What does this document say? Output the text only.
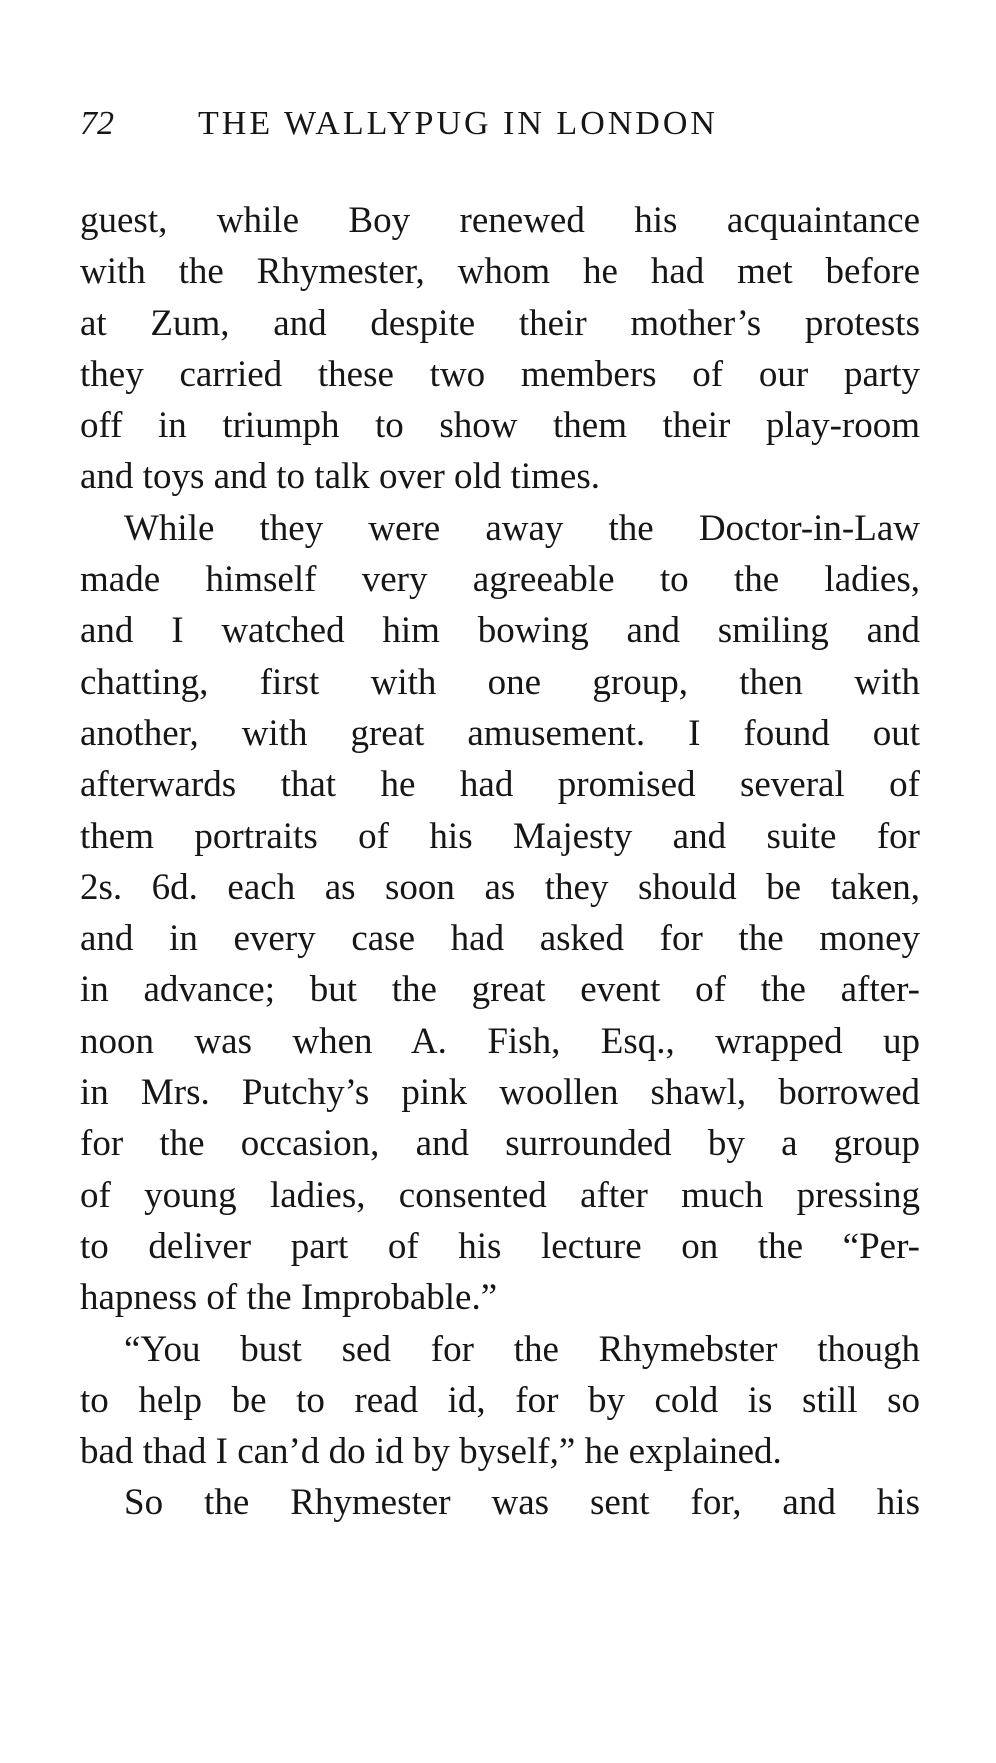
72	THE WALLYPUG IN LONDON

guest, while Boy renewed his acquaintance
with the Rhymester, whom he had met before
at Zum, and despite their mother’s protests
they carried these two members of our party
off in triumph to show them their play-room
and toys and to talk over old times.

While they were away the Doctor-in-Law
made himself very agreeable to the ladies,
and I watched him bowing and smiling and
chatting, first with one group, then with
another, with great amusement. I found out
afterwards that he had promised several of
them portraits of his Majesty and suite for
2s. 6d. each as soon as they should be taken,
and in every case had asked for the money
in advance; but the great event of the after-
noon was when A. Fish, Esq., wrapped up
in Mrs. Putchy’s pink woollen shawl, borrowed
for the occasion, and surrounded by a group
of young ladies, consented after much pressing
to deliver part of his lecture on the “Per-
hapness of the Improbable.”

“You bust sed for the Rhymebster though
to help be to read id, for by cold is still so
bad thad I can’d do id by byself,” he explained.

So the Rhymester was sent for, and his
